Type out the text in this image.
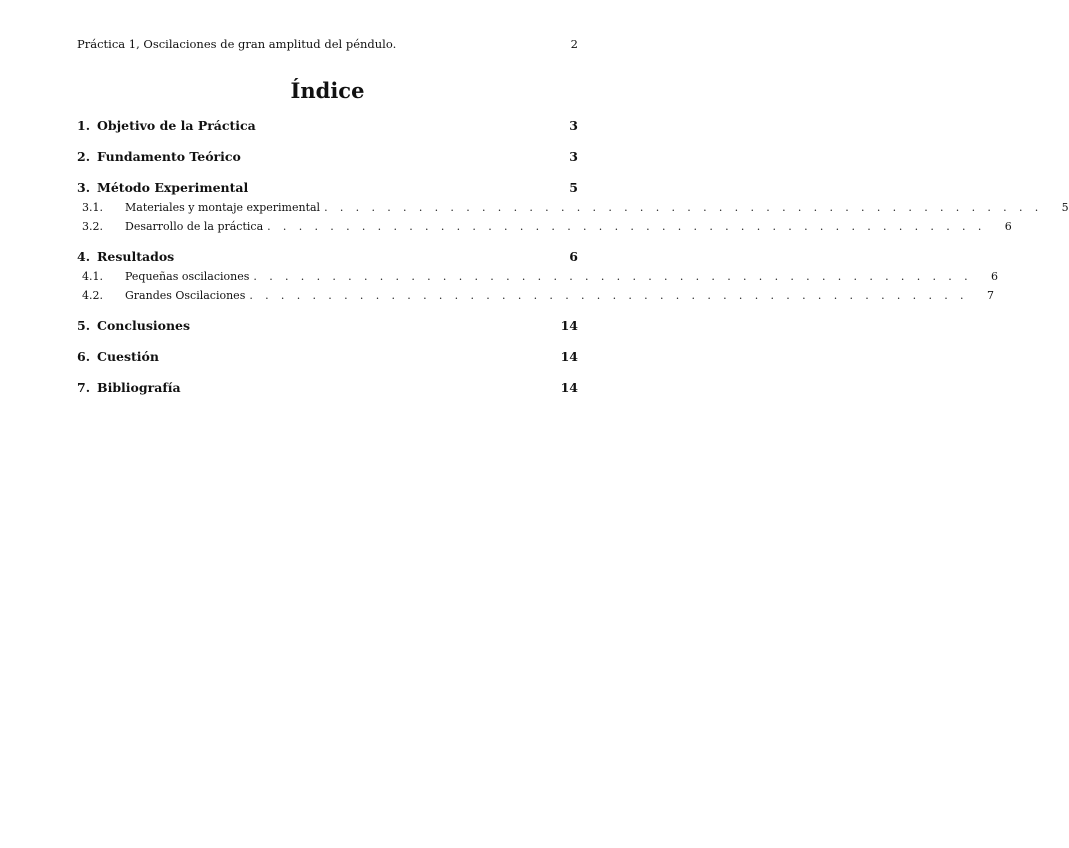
Práctica 1, Oscilaciones de gran amplitud del péndulo.	2
Índice
1. Objetivo de la Práctica	3
2. Fundamento Teórico	3
3. Método Experimental	5
3.1.	Materiales y montaje experimental . . . . . . . . . . . . . . . . . . . . . . . . . . . . . . . . . . . . . . . . . . . . . .	5
3.2.	Desarrollo de la práctica . . . . . . . . . . . . . . . . . . . . . . . . . . . . . . . . . . . . . . . . . . . . . .	6
4. Resultados	6
4.1.	Pequeñas oscilaciones . . . . . . . . . . . . . . . . . . . . . . . . . . . . . . . . . . . . . . . . . . . . . .	6
4.2.	Grandes Oscilaciones . . . . . . . . . . . . . . . . . . . . . . . . . . . . . . . . . . . . . . . . . . . . . .	7
5. Conclusiones	14
6. Cuestión	14
7. Bibliografía	14
